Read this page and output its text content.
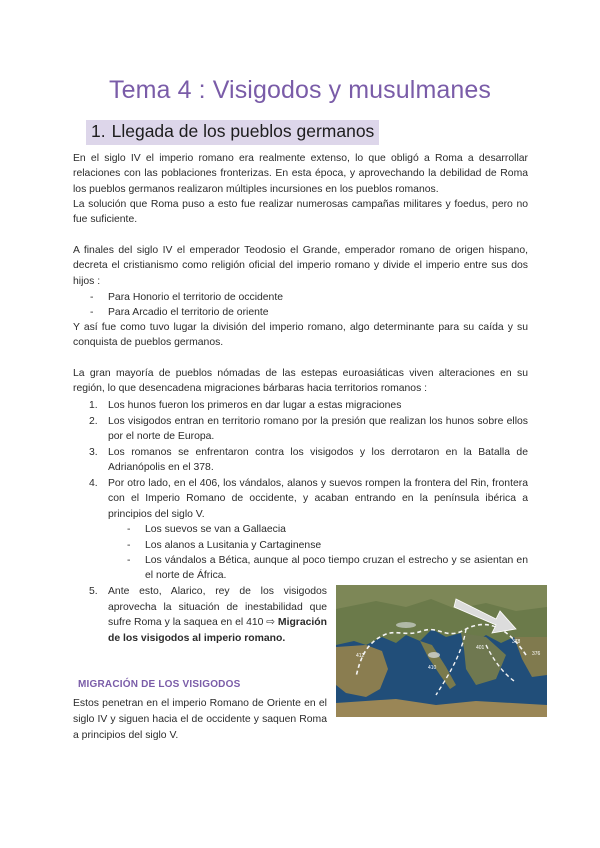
Tema 4 : Visigodos y musulmanes
1. Llegada de los pueblos germanos
En el siglo IV el imperio romano era realmente extenso, lo que obligó a Roma a desarrollar relaciones con las poblaciones fronterizas. En esta época, y aprovechando la debilidad de Roma los pueblos germanos realizaron múltiples incursiones en los pueblos romanos.
La solución que Roma puso a esto fue realizar numerosas campañas militares y foedus, pero no fue suficiente.
A finales del siglo IV el emperador Teodosio el Grande, emperador romano de origen hispano, decreta el cristianismo como religión oficial del imperio romano y divide el imperio entre sus dos hijos :
- Para Honorio el territorio de occidente
- Para Arcadio el territorio de oriente
Y así fue como tuvo lugar la división del imperio romano, algo determinante para su caída y su conquista de pueblos germanos.
La gran mayoría de pueblos nómadas de las estepas euroasiáticas viven alteraciones en su región, lo que desencadena migraciones bárbaras hacia territorios romanos :
1. Los hunos fueron los primeros en dar lugar a estas migraciones
2. Los visigodos entran en territorio romano por la presión que realizan los hunos sobre ellos por el norte de Europa.
3. Los romanos se enfrentaron contra los visigodos y los derrotaron en la Batalla de Adrianópolis en el 378.
4. Por otro lado, en el 406, los vándalos, alanos y suevos rompen la frontera del Rin, frontera con el Imperio Romano de occidente, y acaban entrando en la península ibérica a principios del siglo V.
- Los suevos se van a Gallaecia
- Los alanos a Lusitania y Cartaginense
- Los vándalos a Bética, aunque al poco tiempo cruzan el estrecho y se asientan en el norte de África.
5. Ante esto, Alarico, rey de los visigodos aprovecha la situación de inestabilidad que sufre Roma y la saquea en el 410 ⇨ Migración de los visigodos al imperio romano.
412
410
401
378
376
MIGRACIÓN DE LOS VISIGODOS
Estos penetran en el imperio Romano de Oriente en el siglo IV y siguen hacia el de occidente y saquen Roma a principios del siglo V.
